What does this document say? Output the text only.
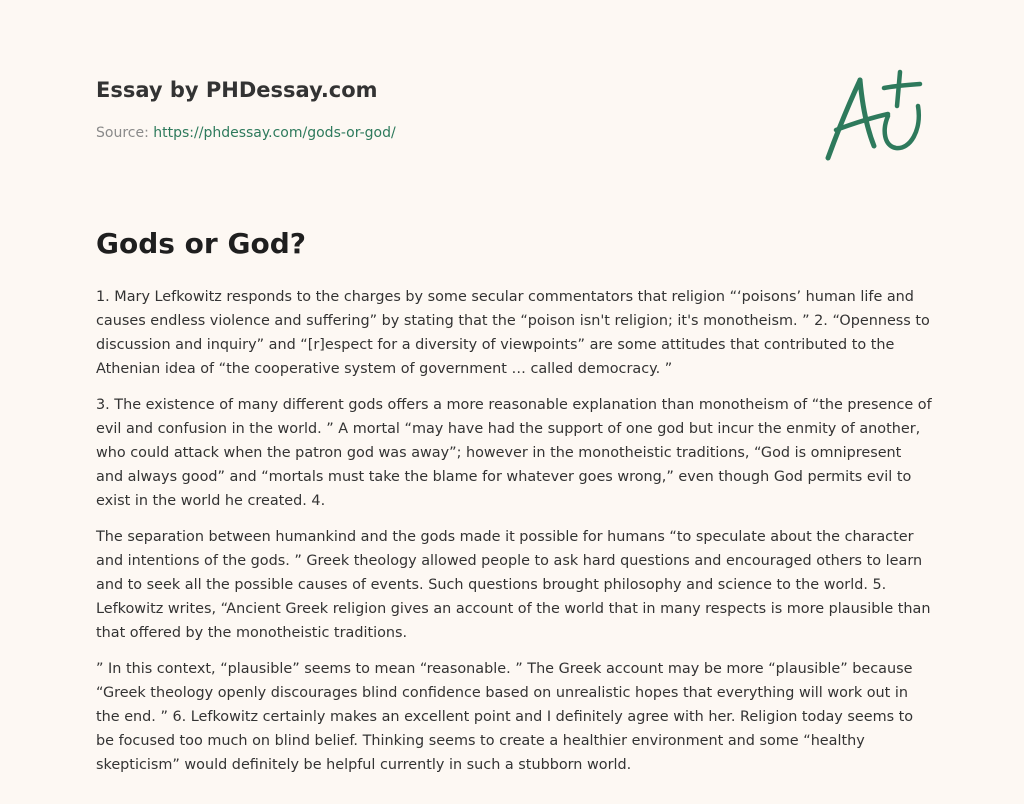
Essay by PHDessay.com
Source: https://phdessay.com/gods-or-god/
Gods or God?

1. Mary Lefkowitz responds to the charges by some secular commentators that religion “‘poisons’ human life and causes endless violence and suffering” by stating that the “poison isn't religion; it's monotheism. ” 2. “Openness to discussion and inquiry” and “[r]espect for a diversity of viewpoints” are some attitudes that contributed to the Athenian idea of “the cooperative system of government … called democracy. ”

3. The existence of many different gods offers a more reasonable explanation than monotheism of “the presence of evil and confusion in the world. ” A mortal “may have had the support of one god but incur the enmity of another, who could attack when the patron god was away”; however in the monotheistic traditions, “God is omnipresent and always good” and “mortals must take the blame for whatever goes wrong,” even though God permits evil to exist in the world he created. 4.

The separation between humankind and the gods made it possible for humans “to speculate about the character and intentions of the gods. ” Greek theology allowed people to ask hard questions and encouraged others to learn and to seek all the possible causes of events. Such questions brought philosophy and science to the world. 5. Lefkowitz writes, “Ancient Greek religion gives an account of the world that in many respects is more plausible than that offered by the monotheistic traditions.

” In this context, “plausible” seems to mean “reasonable. ” The Greek account may be more “plausible” because “Greek theology openly discourages blind confidence based on unrealistic hopes that everything will work out in the end. ” 6. Lefkowitz certainly makes an excellent point and I definitely agree with her. Religion today seems to be focused too much on blind belief. Thinking seems to create a healthier environment and some “healthy skepticism” would definitely be helpful currently in such a stubborn world.
